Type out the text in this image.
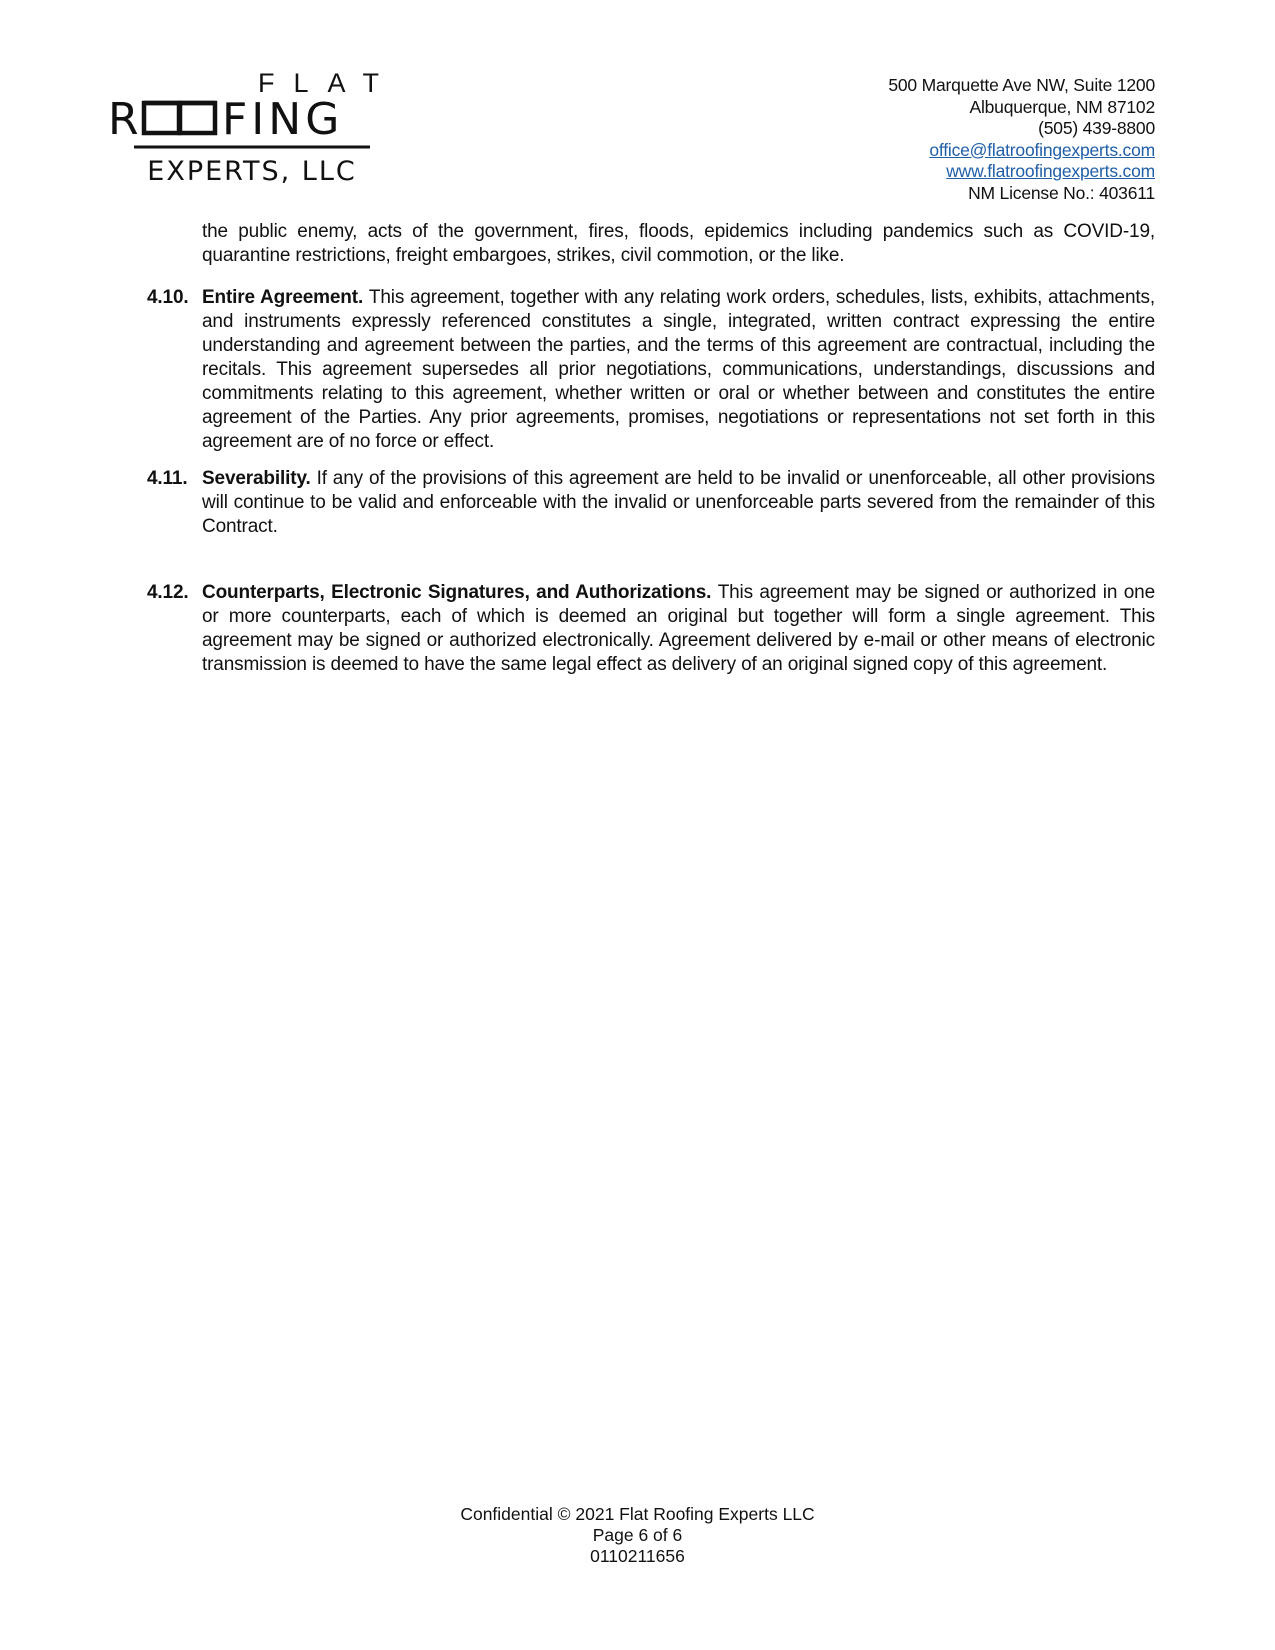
FLAT
R FING
EXPERTS, LLC
500 Marquette Ave NW, Suite 1200
Albuquerque, NM 87102
(505) 439-8800
office@flatroofingexperts.com
www.flatroofingexperts.com
NM License No.: 403611
the public enemy, acts of the government, fires, floods, epidemics including pandemics such as COVID-19, quarantine restrictions, freight embargoes, strikes, civil commotion, or the like.
4.10. Entire Agreement. This agreement, together with any relating work orders, schedules, lists, exhibits, attachments, and instruments expressly referenced constitutes a single, integrated, written contract expressing the entire understanding and agreement between the parties, and the terms of this agreement are contractual, including the recitals. This agreement supersedes all prior negotiations, communications, understandings, discussions and commitments relating to this agreement, whether written or oral or whether between and constitutes the entire agreement of the Parties. Any prior agreements, promises, negotiations or representations not set forth in this agreement are of no force or effect.
4.11. Severability. If any of the provisions of this agreement are held to be invalid or unenforceable, all other provisions will continue to be valid and enforceable with the invalid or unenforceable parts severed from the remainder of this Contract.
4.12. Counterparts, Electronic Signatures, and Authorizations. This agreement may be signed or authorized in one or more counterparts, each of which is deemed an original but together will form a single agreement. This agreement may be signed or authorized electronically. Agreement delivered by e-mail or other means of electronic transmission is deemed to have the same legal effect as delivery of an original signed copy of this agreement.
Confidential © 2021 Flat Roofing Experts LLC
Page 6 of 6
0110211656
